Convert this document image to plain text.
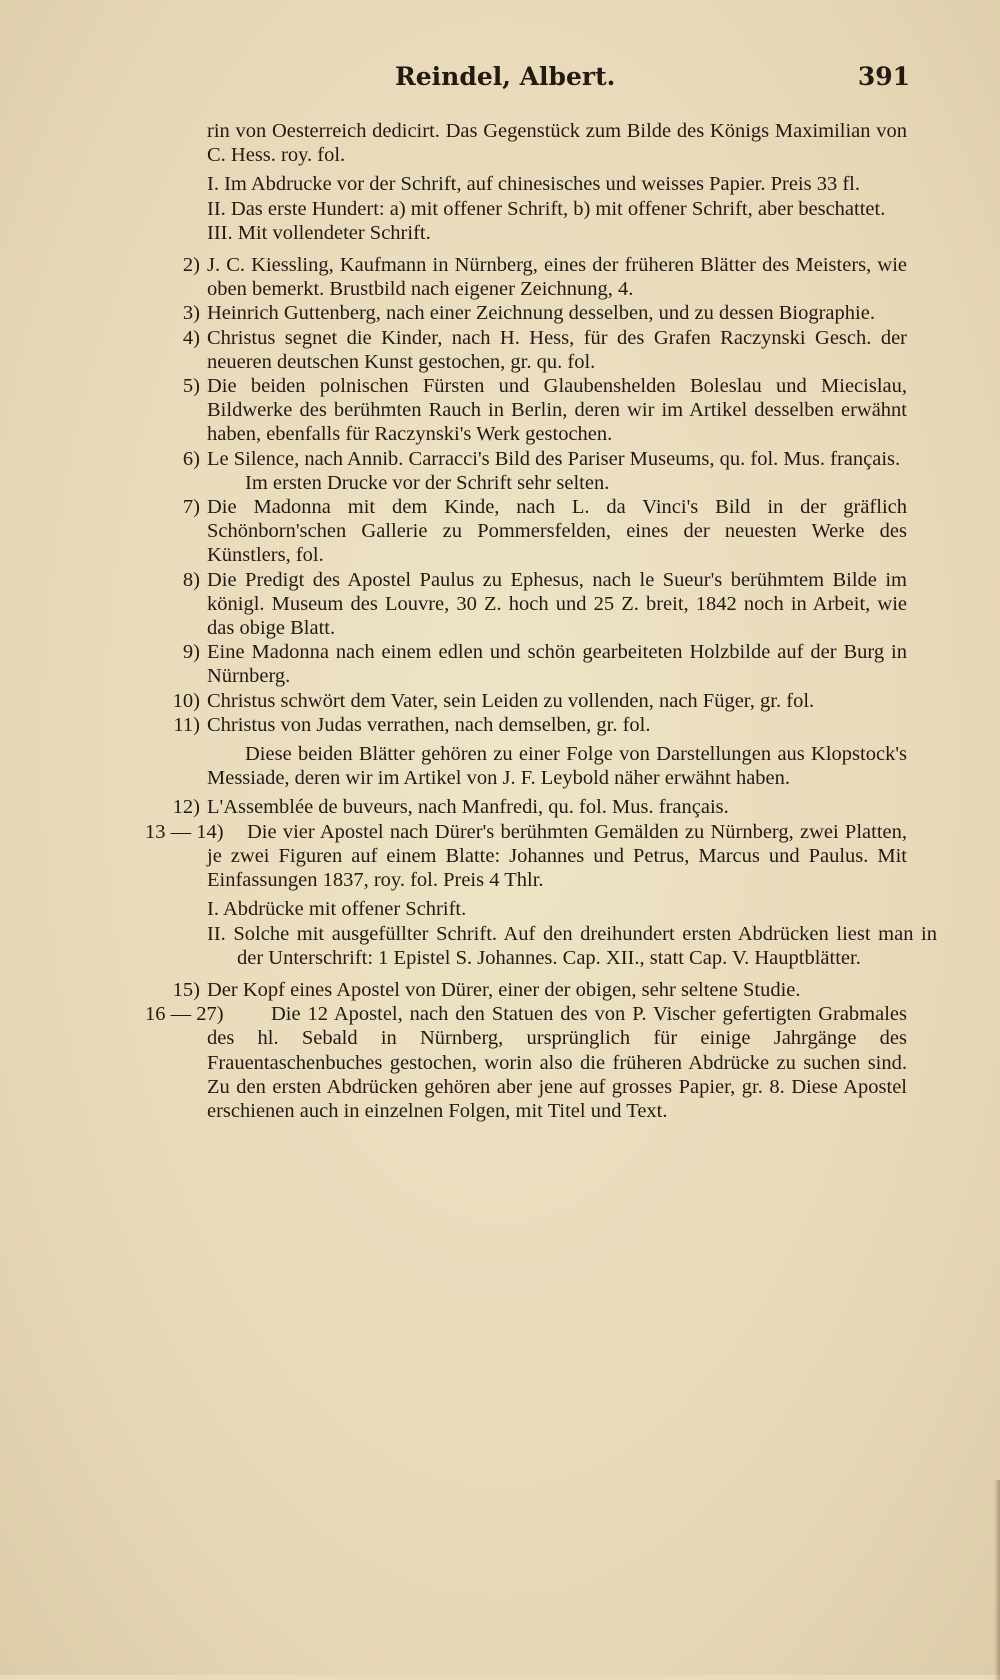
Reindel, Albert.	391
rin von Oesterreich dedicirt. Das Gegenstück zum Bilde des Königs Maximilian von C. Hess. roy. fol.
I. Im Abdrucke vor der Schrift, auf chinesisches und weisses Papier. Preis 33 fl.
II. Das erste Hundert: a) mit offener Schrift, b) mit offener Schrift, aber beschattet.
III. Mit vollendeter Schrift.
2) J. C. Kiessling, Kaufmann in Nürnberg, eines der früheren Blätter des Meisters, wie oben bemerkt. Brustbild nach eigener Zeichnung, 4.
3) Heinrich Guttenberg, nach einer Zeichnung desselben, und zu dessen Biographie.
4) Christus segnet die Kinder, nach H. Hess, für des Grafen Raczynski Gesch. der neueren deutschen Kunst gestochen, gr. qu. fol.
5) Die beiden polnischen Fürsten und Glaubenshelden Boleslau und Miecislau, Bildwerke des berühmten Rauch in Berlin, deren wir im Artikel desselben erwähnt haben, ebenfalls für Raczynski's Werk gestochen.
6) Le Silence, nach Annib. Carracci's Bild des Pariser Museums, qu. fol. Mus. français.
Im ersten Drucke vor der Schrift sehr selten.
7) Die Madonna mit dem Kinde, nach L. da Vinci's Bild in der gräflich Schönborn'schen Gallerie zu Pommersfelden, eines der neuesten Werke des Künstlers, fol.
8) Die Predigt des Apostel Paulus zu Ephesus, nach le Sueur's berühmtem Bilde im königl. Museum des Louvre, 30 Z. hoch und 25 Z. breit, 1842 noch in Arbeit, wie das obige Blatt.
9) Eine Madonna nach einem edlen und schön gearbeiteten Holzbilde auf der Burg in Nürnberg.
10) Christus schwört dem Vater, sein Leiden zu vollenden, nach Füger, gr. fol.
11) Christus von Judas verrathen, nach demselben, gr. fol.
Diese beiden Blätter gehören zu einer Folge von Darstellungen aus Klopstock's Messiade, deren wir im Artikel von J. F. Leybold näher erwähnt haben.
12) L'Assemblée de buveurs, nach Manfredi, qu. fol. Mus. français.
13 — 14)	Die vier Apostel nach Dürer's berühmten Gemälden zu Nürnberg, zwei Platten, je zwei Figuren auf einem Blatte: Johannes und Petrus, Marcus und Paulus. Mit Einfassungen 1837, roy. fol. Preis 4 Thlr.
I. Abdrücke mit offener Schrift.
II. Solche mit ausgefüllter Schrift. Auf den dreihundert ersten Abdrücken liest man in der Unterschrift: 1 Epistel S. Johannes. Cap. XII., statt Cap. V. Hauptblätter.
15) Der Kopf eines Apostel von Dürer, einer der obigen, sehr seltene Studie.
16 — 27)	Die 12 Apostel, nach den Statuen des von P. Vischer gefertigten Grabmales des hl. Sebald in Nürnberg, ursprünglich für einige Jahrgänge des Frauentaschenbuches gestochen, worin also die früheren Abdrücke zu suchen sind. Zu den ersten Abdrücken gehören aber jene auf grosses Papier, gr. 8. Diese Apostel erschienen auch in einzelnen Folgen, mit Titel und Text.
